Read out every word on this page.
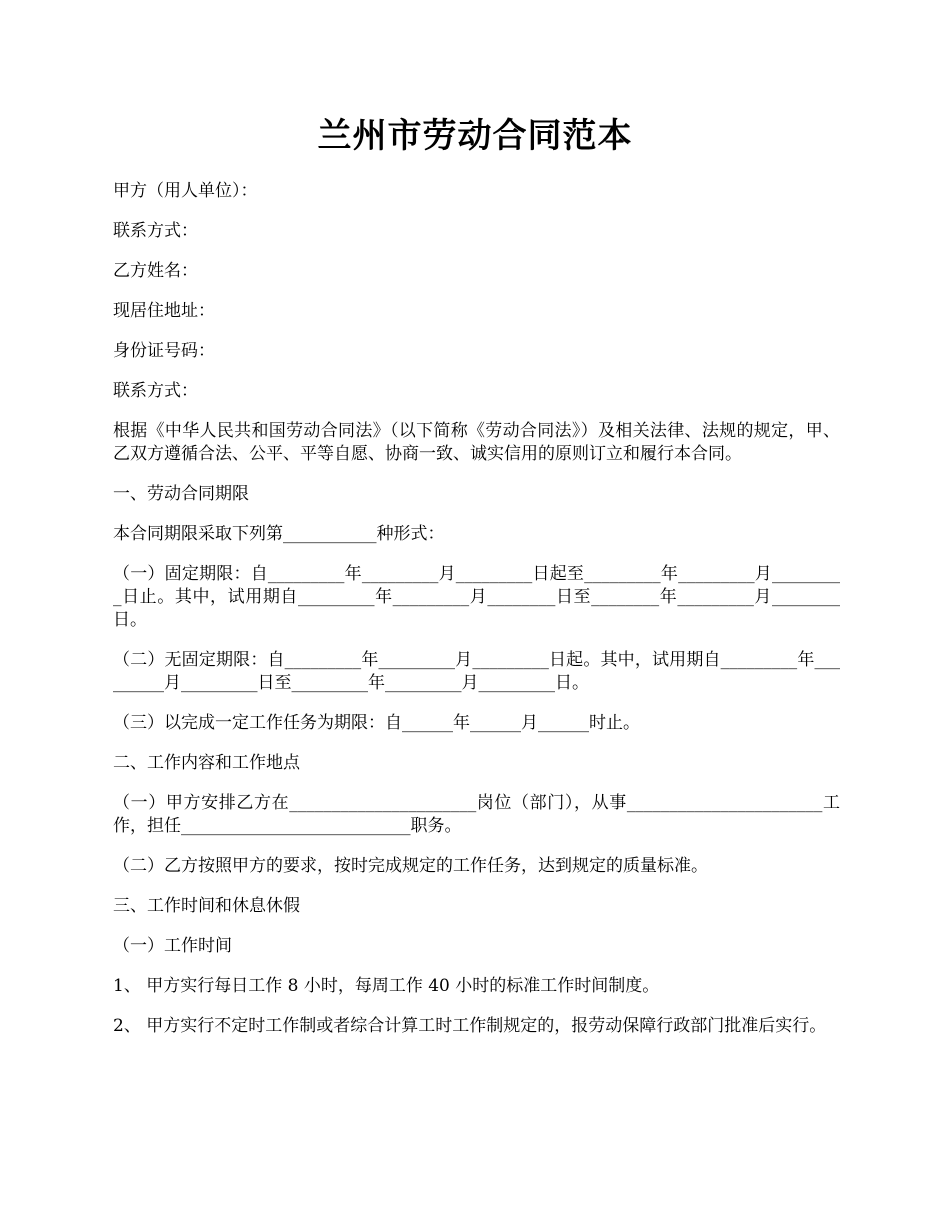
兰州市劳动合同范本

甲方（用人单位）：

联系方式：

乙方姓名：

现居住地址：

身份证号码：

联系方式：

根据《中华人民共和国劳动合同法》（以下简称《劳动合同法》）及相关法律、法规的规定，甲、乙双方遵循合法、公平、平等自愿、协商一致、诚实信用的原则订立和履行本合同。

一、劳动合同期限

本合同期限采取下列第___________种形式：

（一）固定期限：自_________年_________月_________日起至_________年_________月_________日止。其中，试用期自_________年_________月________日至________年_________月________日。

（二）无固定期限：自_________年_________月_________日起。其中，试用期自_________年_________月_________日至_________年_________月_________日。

（三）以完成一定工作任务为期限：自______年______月______时止。

二、工作内容和工作地点

（一）甲方安排乙方在______________________岗位（部门），从事_______________________工作，担任___________________________职务。

（二）乙方按照甲方的要求，按时完成规定的工作任务，达到规定的质量标准。

三、工作时间和休息休假

（一）工作时间

1、 甲方实行每日工作 8 小时，每周工作 40 小时的标准工作时间制度。

2、 甲方实行不定时工作制或者综合计算工时工作制规定的，报劳动保障行政部门批准后实行。
